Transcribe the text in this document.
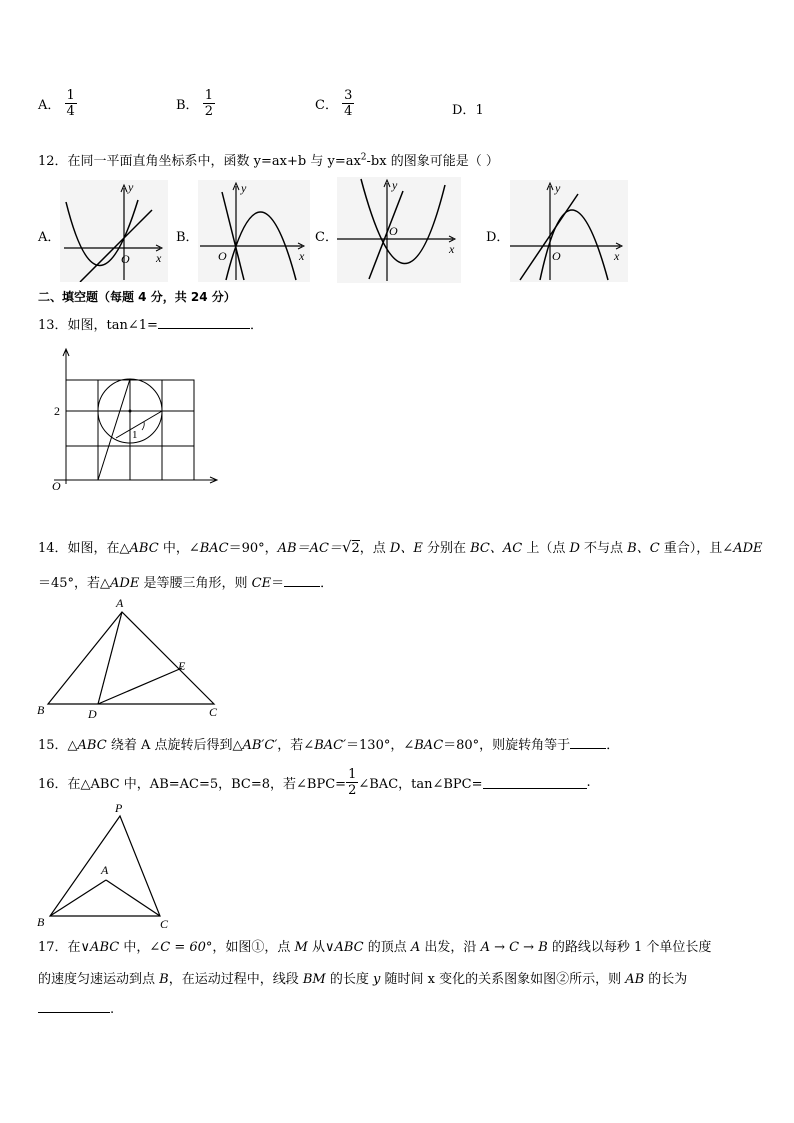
A． $\frac{1}{4}$	B． $\frac{1}{2}$	C． $\frac{3}{4}$	D．1
12．在同一平面直角坐标系中，函数 y=ax+b 与 $y=ax^2-bx$ 的图象可能是（ ）
A．	B．	C．	D．
y
x
O
y
x
O
y
x
O
y
x
O
二、填空题（每题 4 分，共 24 分）
13．如图，tan∠1=	．
2
1
O
14．如图，在△ABC 中，∠BAC＝90°，AB＝AC＝√2，点 D、E 分别在 BC、AC 上（点 D 不与点 B、C 重合），且∠ADE
＝45°，若△ADE 是等腰三角形，则 CE＝	．
A
B	C
D
E
15．△ABC 绕着 A 点旋转后得到△AB′C′，若∠BAC′＝130°，∠BAC＝80°，则旋转角等于	．
16．在△ABC 中，AB=AC=5，BC=8，若∠BPC= $\frac{1}{2}$ ∠BAC，tan∠BPC=	.
P
A
B	C
17．在∨ABC 中，∠C = 60°，如图①，点 M 从∨ABC 的顶点 A 出发，沿 A → C → B 的路线以每秒 1 个单位长度
的速度匀速运动到点 B，在运动过程中，线段 BM 的长度 y 随时间 x 变化的关系图象如图②所示，则 AB 的长为
.
